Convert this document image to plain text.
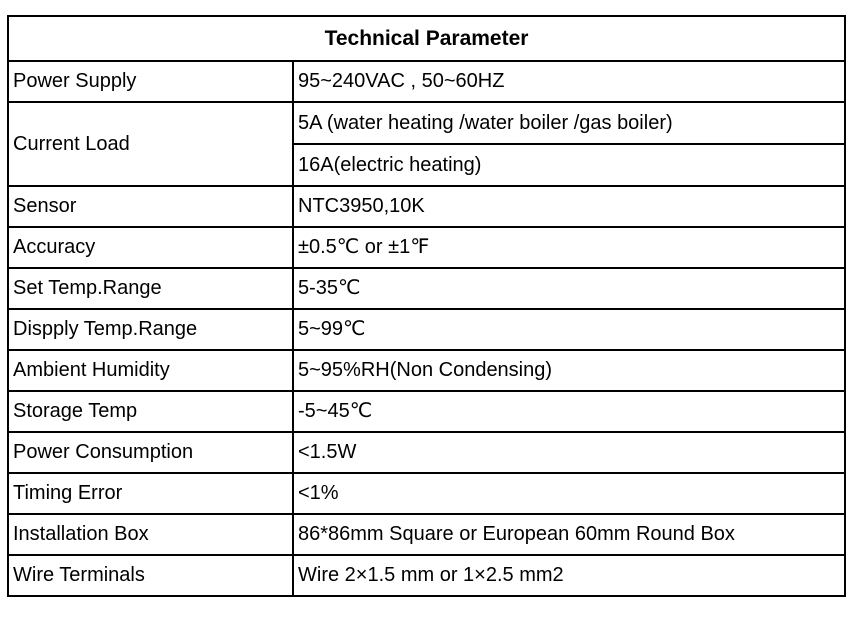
Technical Parameter	
Power Supply	95~240VAC , 50~60HZ
Current Load	5A (water heating /water boiler /gas boiler)
	16A(electric heating)
Sensor	NTC3950,10K
Accuracy	±0.5℃ or ±1℉
Set Temp.Range	5-35℃
Dispply Temp.Range	5~99℃
Ambient Humidity	5~95%RH(Non Condensing)
Storage Temp	-5~45℃
Power Consumption	<1.5W
Timing Error	<1%
Installation Box	86*86mm Square or European 60mm Round Box
Wire Terminals	Wire 2×1.5 mm or 1×2.5 mm2
